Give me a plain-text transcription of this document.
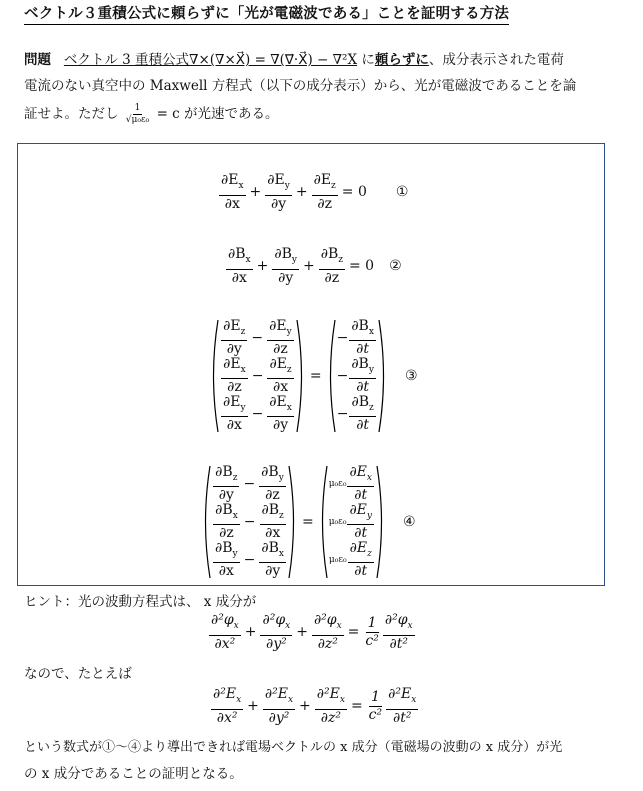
ベクトル３重積公式に頼らずに「光が電磁波である」ことを証明する方法
問題 ベクトル 3 重積公式∇×(∇×X⃗) = ∇(∇⃗·X⃗) − ∇²X に頼らずに、成分表示された電荷
電流のない真空中の Maxwell 方程式（以下の成分表示）から、光が電磁波であることを論
証せよ。ただし $\frac{1}{\text{√μ₀ε₀}} = c$ が光速である。
$\frac{\partial E_x}{\partial x} + \frac{\partial E_y}{\partial y} + \frac{\partial E_z}{\partial z} = 0$ ①
$\frac{\partial B_x}{\partial x} + \frac{\partial B_y}{\partial y} + \frac{\partial B_z}{\partial z} = 0$ ②
$\frac{\partial E_z}{\partial y} - \frac{\partial E_y}{\partial z}$
$\frac{\partial E_x}{\partial z} - \frac{\partial E_z}{\partial x}$
$\frac{\partial E_y}{\partial x} - \frac{\partial E_x}{\partial y}$
=
− $\frac{\partial B_x}{\partial t}$
− $\frac{\partial B_y}{\partial t}$
− $\frac{\partial B_z}{\partial t}$
③
$\frac{\partial B_z}{\partial y} - \frac{\partial B_y}{\partial z}$
$\frac{\partial B_x}{\partial z} - \frac{\partial B_z}{\partial x}$
$\frac{\partial B_y}{\partial x} - \frac{\partial B_x}{\partial y}$
=
$\mu_0\varepsilon_0 \frac{\partial E_x}{\partial t}$
$\mu_0\varepsilon_0 \frac{\partial E_y}{\partial t}$
$\mu_0\varepsilon_0 \frac{\partial E_z}{\partial t}$
④
ヒント：光の波動方程式は、 x 成分が
$\frac{\partial^2\varphi_x}{\text{∂x²}} + \frac{\partial^2\varphi_x}{\text{∂y²}} + \frac{\partial^2\varphi_x}{\text{∂z²}} = \frac{1}{\text{c²}} \frac{\partial^2\varphi_x}{\text{∂t²}}$
なので、たとえば
$\frac{\partial^2E_x}{\text{∂x²}} + \frac{\partial^2E_x}{\text{∂y²}} + \frac{\partial^2E_x}{\text{∂z²}} = \frac{1}{\text{c²}} \frac{\partial^2E_x}{\text{∂t²}}$
という数式が①〜④より導出できれば電場ベクトルの x 成分（電磁場の波動の x 成分）が光
の x 成分であることの証明となる。
